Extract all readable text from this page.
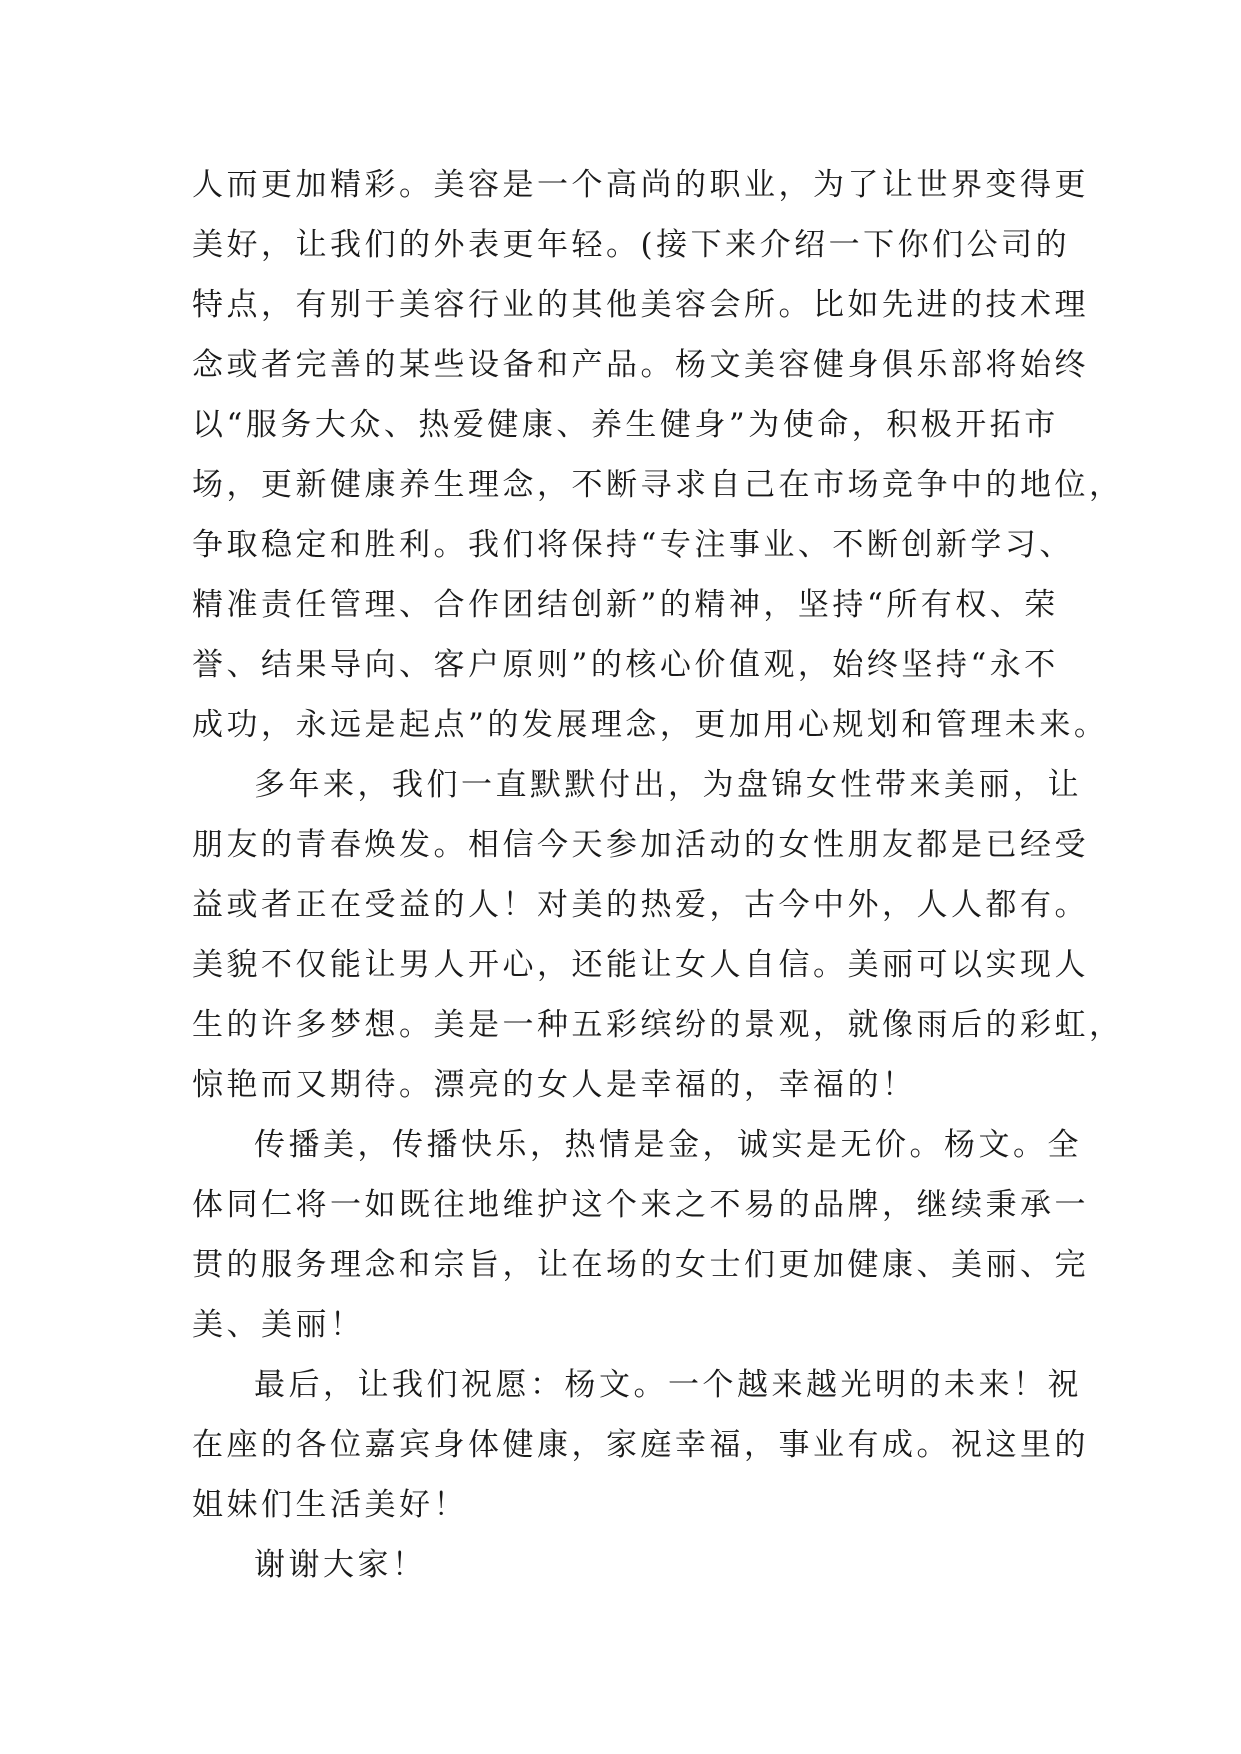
人而更加精彩。美容是一个高尚的职业，为了让世界变得更
美好，让我们的外表更年轻。(接下来介绍一下你们公司的
特点，有别于美容行业的其他美容会所。比如先进的技术理
念或者完善的某些设备和产品。杨文美容健身俱乐部将始终
以“服务大众、热爱健康、养生健身”为使命，积极开拓市
场，更新健康养生理念，不断寻求自己在市场竞争中的地位，
争取稳定和胜利。我们将保持“专注事业、不断创新学习、
精准责任管理、合作团结创新”的精神，坚持“所有权、荣
誉、结果导向、客户原则”的核心价值观，始终坚持“永不
成功，永远是起点”的发展理念，更加用心规划和管理未来。
多年来，我们一直默默付出，为盘锦女性带来美丽，让
朋友的青春焕发。相信今天参加活动的女性朋友都是已经受
益或者正在受益的人！对美的热爱，古今中外，人人都有。
美貌不仅能让男人开心，还能让女人自信。美丽可以实现人
生的许多梦想。美是一种五彩缤纷的景观，就像雨后的彩虹，
惊艳而又期待。漂亮的女人是幸福的，幸福的！
传播美，传播快乐，热情是金，诚实是无价。杨文。全
体同仁将一如既往地维护这个来之不易的品牌，继续秉承一
贯的服务理念和宗旨，让在场的女士们更加健康、美丽、完
美、美丽！
最后，让我们祝愿：杨文。一个越来越光明的未来！祝
在座的各位嘉宾身体健康，家庭幸福，事业有成。祝这里的
姐妹们生活美好！
谢谢大家！
